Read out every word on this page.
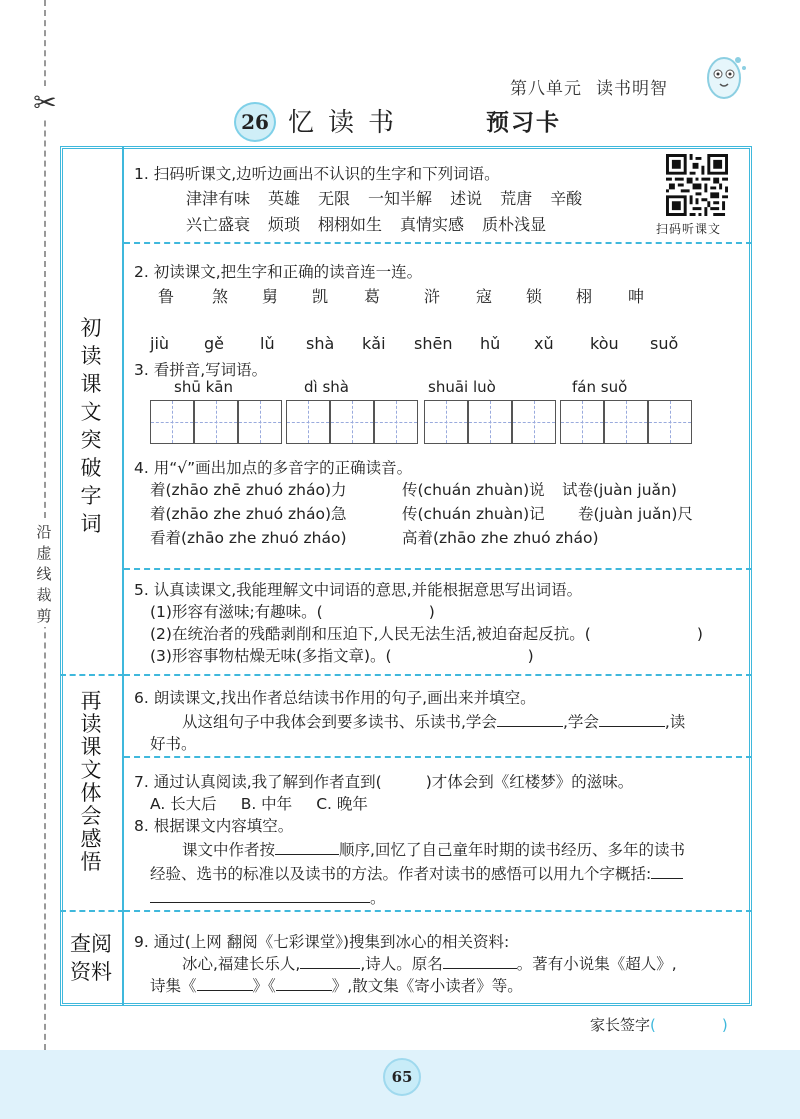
✂
沿虚线裁剪
第八单元 读书明智
26 忆读书	预习卡
初读课文 突破字词
再读课文 体会感悟
查阅资料
扫码听课文
1. 扫码听课文,边听边画出不认识的生字和下列词语。
津津有味 英雄 无限 一知半解 述说 荒唐 辛酸
兴亡盛衰 烦琐 栩栩如生 真情实感 质朴浅显
2. 初读课文,把生字和正确的读音连一连。
鲁 煞 舅 凯 葛	浒 寇 锁 栩 呻
jiù gě lǔ shà kǎi shēn hǔ xǔ kòu suǒ
3. 看拼音,写词语。
shū kān	dì shà	shuāi luò	fán suǒ
4. 用“√”画出加点的多音字的正确读音。
着(zhāo zhē zhuó zháo)力	传(chuán zhuàn)说 试卷(juàn juǎn)
着(zhāo zhe zhuó zháo)急	传(chuán zhuàn)记 卷(juàn juǎn)尺
看着(zhāo zhe zhuó zháo)	高着(zhāo zhe zhuó zháo)
5. 认真读课文,我能理解文中词语的意思,并能根据意思写出词语。
(1)形容有滋味;有趣味。(	)
(2)在统治者的残酷剥削和压迫下,人民无法生活,被迫奋起反抗。(	)
(3)形容事物枯燥无味(多指文章)。(	)
6. 朗读课文,找出作者总结读书作用的句子,画出来并填空。
从这组句子中我体会到要多读书、乐读书,学会	,学会	,读
好书。
7. 通过认真阅读,我了解到作者直到(	)才体会到《红楼梦》的滋味。
A. 长大后 B. 中年 C. 晚年
8. 根据课文内容填空。
课文中作者按	顺序,回忆了自己童年时期的读书经历、多年的读书
经验、选书的标准以及读书的方法。作者对读书的感悟可以用九个字概括:
。
9. 通过(上网 翻阅《七彩课堂》)搜集到冰心的相关资料:
冰心,福建长乐人,	,诗人。原名	。著有小说集《超人》,
诗集《	》《	》,散文集《寄小读者》等。
家长签字(	)
65
